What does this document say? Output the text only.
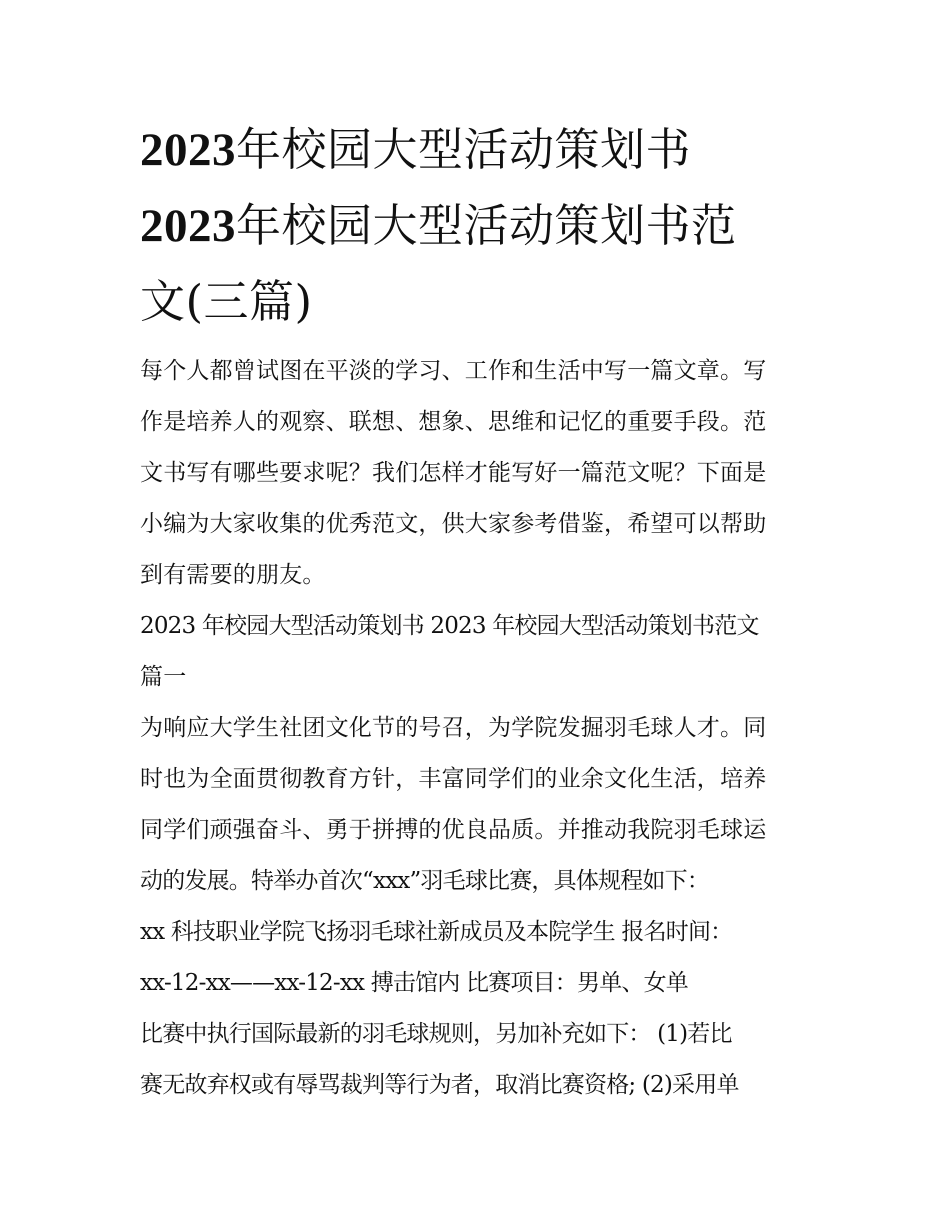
2023年校园大型活动策划书
2023年校园大型活动策划书范
文(三篇)
每个人都曾试图在平淡的学习、工作和生活中写一篇文章。写
作是培养人的观察、联想、想象、思维和记忆的重要手段。范
文书写有哪些要求呢？我们怎样才能写好一篇范文呢？下面是
小编为大家收集的优秀范文，供大家参考借鉴，希望可以帮助
到有需要的朋友。
2023 年校园大型活动策划书 2023 年校园大型活动策划书范文
篇一
为响应大学生社团文化节的号召，为学院发掘羽毛球人才。同
时也为全面贯彻教育方针，丰富同学们的业余文化生活，培养
同学们顽强奋斗、勇于拼搏的优良品质。并推动我院羽毛球运
动的发展。特举办首次“xxx”羽毛球比赛，具体规程如下：
xx 科技职业学院飞扬羽毛球社新成员及本院学生 报名时间：
xx-12-xx——xx-12-xx 搏击馆内 比赛项目：男单、女单
比赛中执行国际最新的羽毛球规则，另加补充如下： (1)若比
赛无故弃权或有辱骂裁判等行为者，取消比赛资格; (2)采用单
